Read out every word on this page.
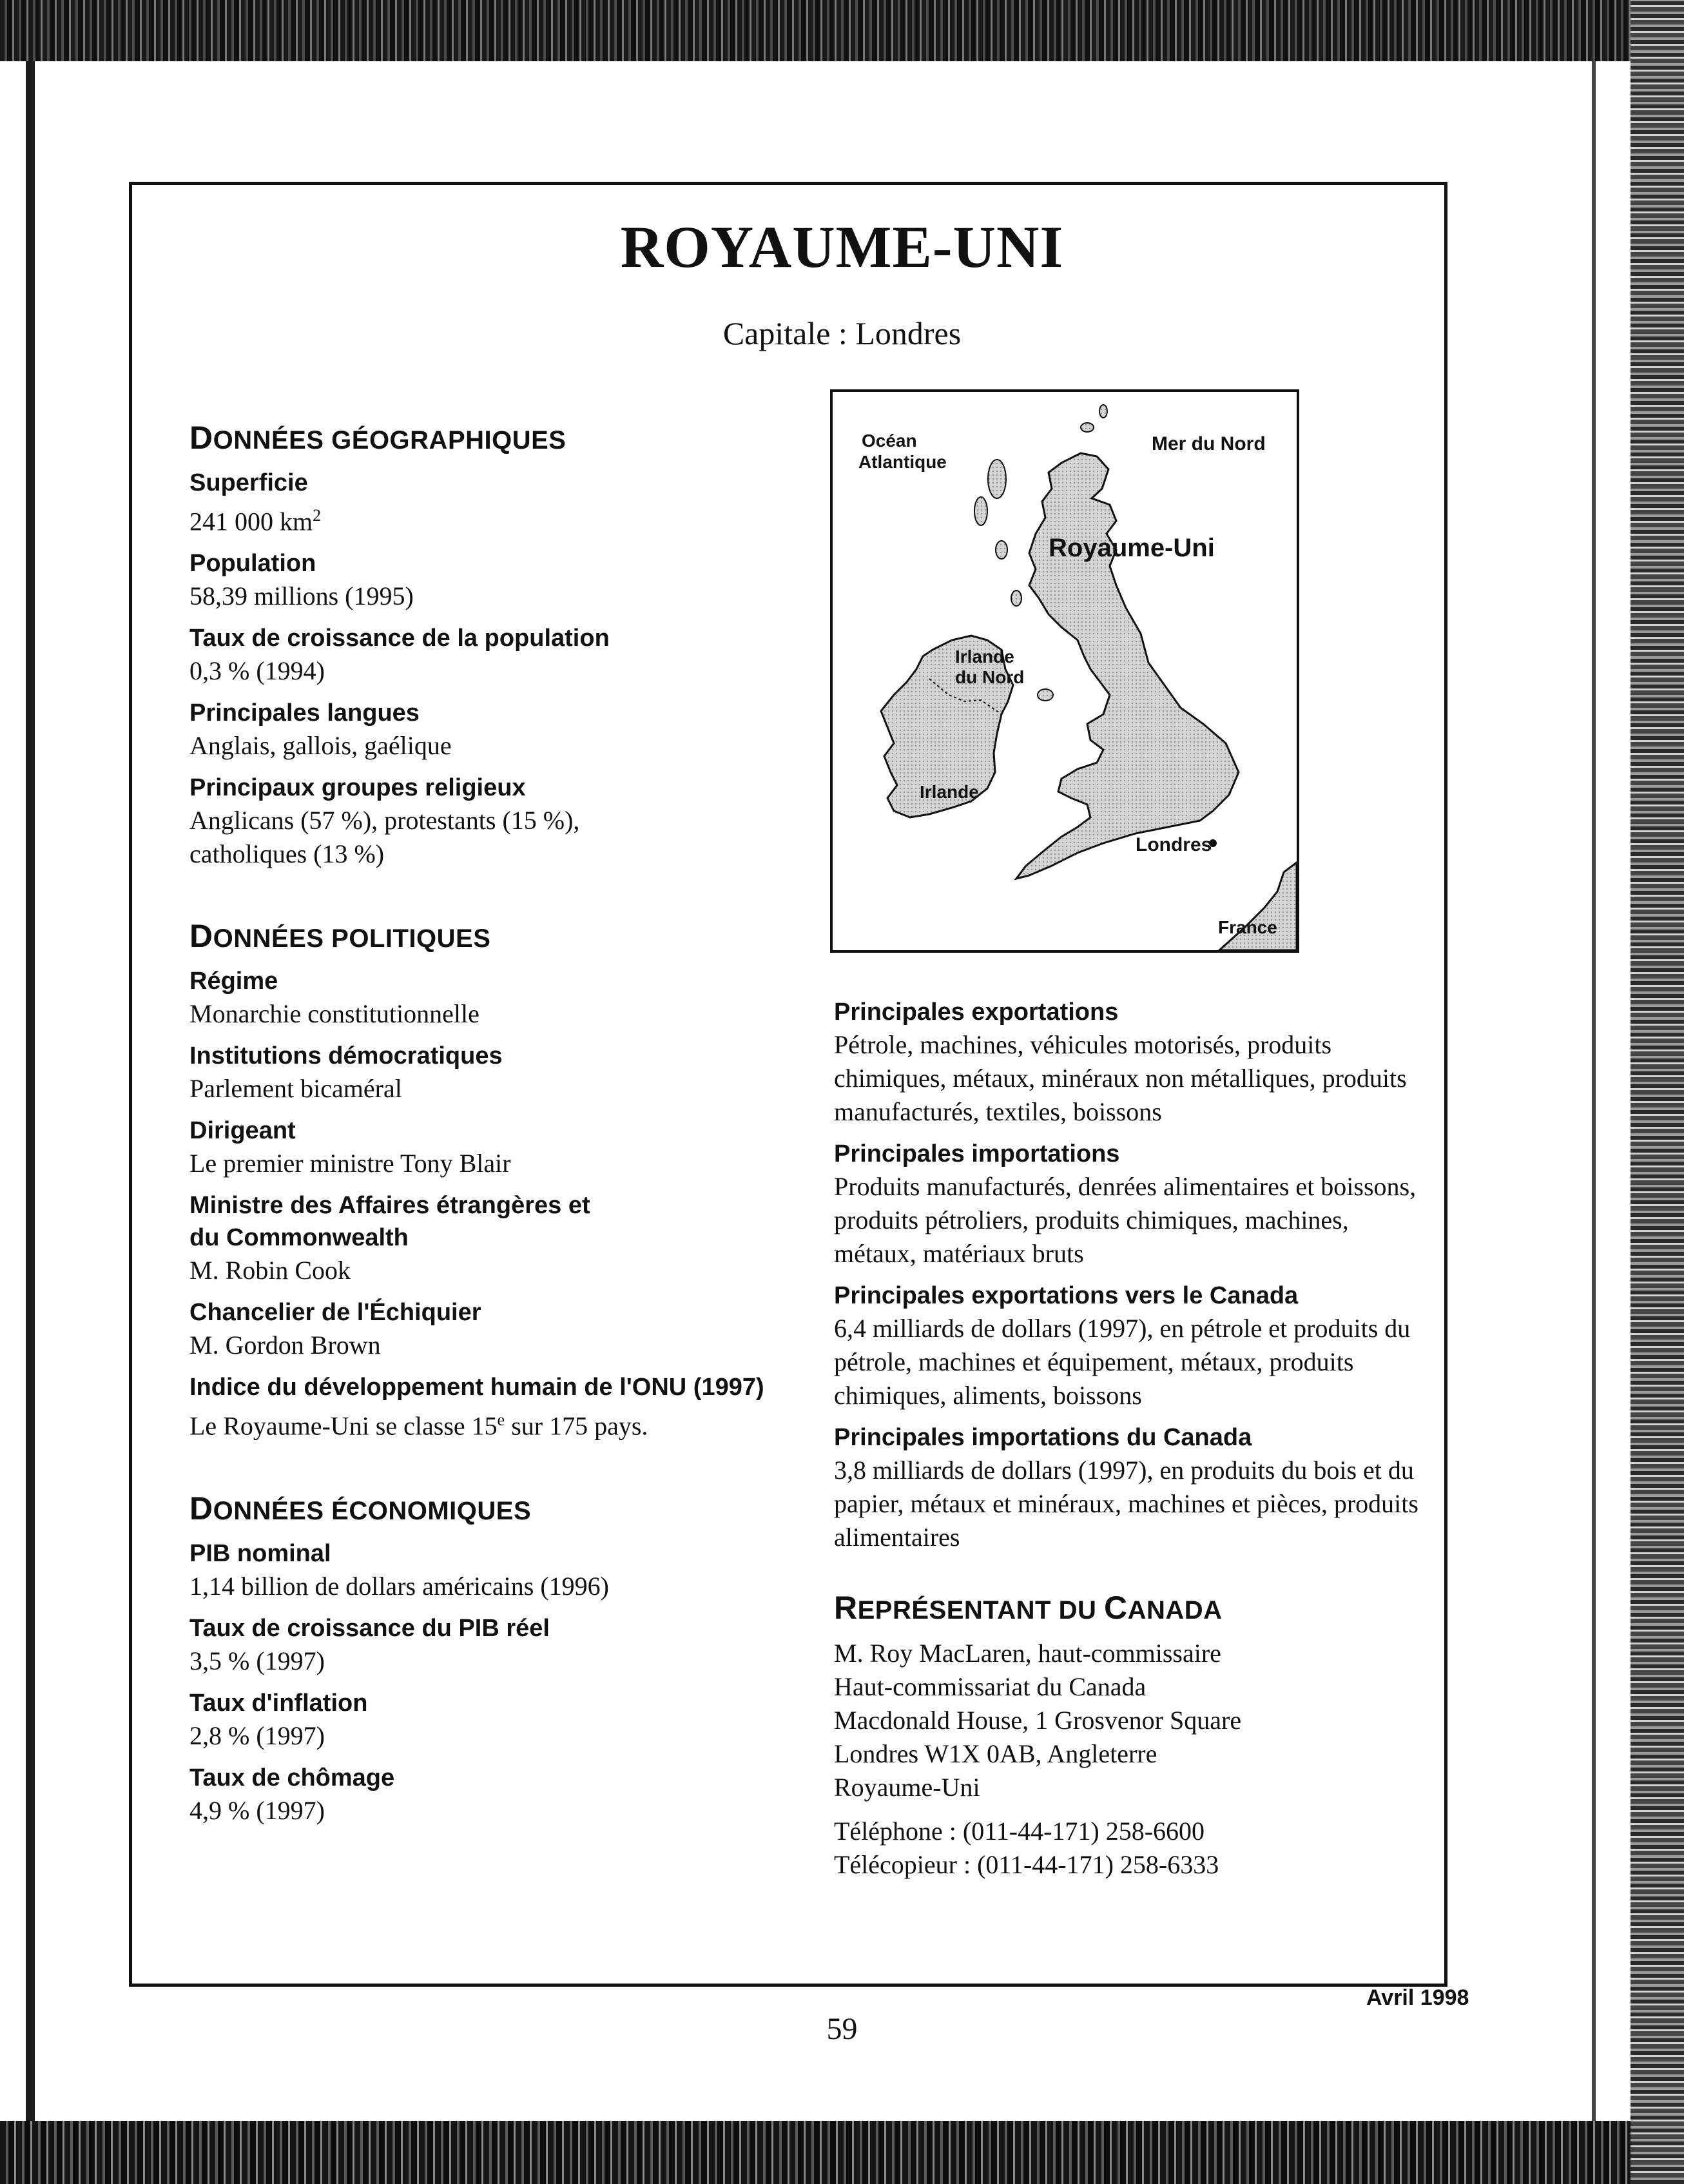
ROYAUME-UNI
Capitale : Londres
DONNÉES GÉOGRAPHIQUES

Superficie

241 000 $km^2$

Population

58,39 millions (1995)

Taux de croissance de la population

0,3 % (1994)

Principales langues

Anglais, gallois, gaélique

Principaux groupes religieux

Anglicans (57 %), protestants (15 %), catholiques (13 %)

DONNÉES POLITIQUES

Régime

Monarchie constitutionnelle

Institutions démocratiques

Parlement bicaméral

Dirigeant

Le premier ministre Tony Blair

Ministre des Affaires étrangères et du Commonwealth

M. Robin Cook

Chancelier de l'Échiquier

M. Gordon Brown

Indice du développement humain de l'ONU (1997)

Le Royaume-Uni se classe 15e sur 175 pays.

DONNÉES ÉCONOMIQUES

PIB nominal

1,14 billion de dollars américains (1996)

Taux de croissance du PIB réel

3,5 % (1997)

Taux d'inflation

2,8 % (1997)

Taux de chômage

4,9 % (1997)

Océan
Atlantique
Mer du Nord
Royaume-Uni
Irlande
du Nord
Irlande
Londres
France

Principales exportations

Pétrole, machines, véhicules motorisés, produits chimiques, métaux, minéraux non métalliques, produits manufacturés, textiles, boissons

Principales importations

Produits manufacturés, denrées alimentaires et boissons, produits pétroliers, produits chimiques, machines, métaux, matériaux bruts

Principales exportations vers le Canada

6,4 milliards de dollars (1997), en pétrole et produits du pétrole, machines et équipement, métaux, produits chimiques, aliments, boissons

Principales importations du Canada

3,8 milliards de dollars (1997), en produits du bois et du papier, métaux et minéraux, machines et pièces, produits alimentaires

REPRÉSENTANT DU CANADA

M. Roy MacLaren, haut-commissaire

Haut-commissariat du Canada

Macdonald House, 1 Grosvenor Square

Londres W1X 0AB, Angleterre

Royaume-Uni

Téléphone : (011-44-171) 258-6600

Télécopieur : (011-44-171) 258-6333

Avril 1998
59
